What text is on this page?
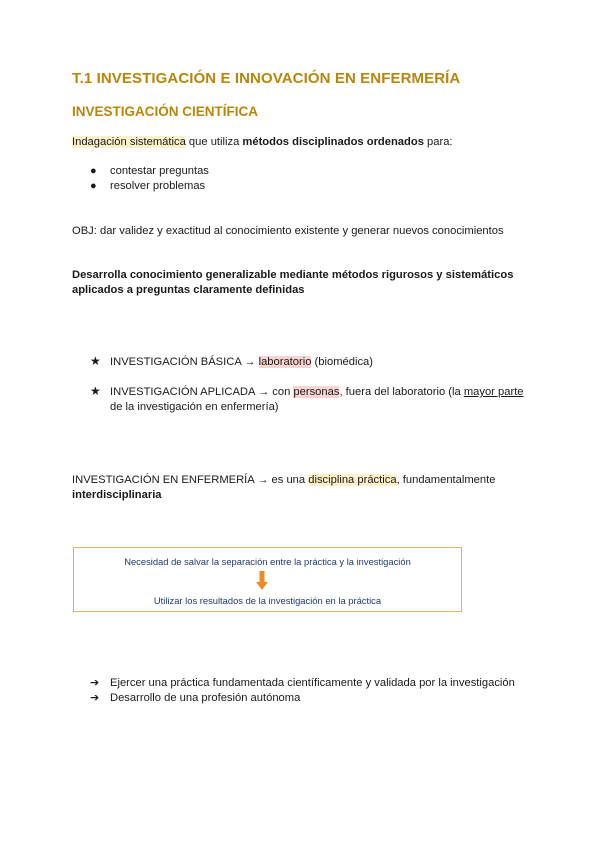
T.1 INVESTIGACIÓN E INNOVACIÓN EN ENFERMERÍA
INVESTIGACIÓN CIENTÍFICA
Indagación sistemática que utiliza métodos disciplinados ordenados para:
● contestar preguntas
● resolver problemas
OBJ: dar validez y exactitud al conocimiento existente y generar nuevos conocimientos
Desarrolla conocimiento generalizable mediante métodos rigurosos y sistemáticos
aplicados a preguntas claramente definidas
★ INVESTIGACIÓN BÁSICA → laboratorio (biomédica)
★ INVESTIGACIÓN APLICADA → con personas, fuera del laboratorio (la mayor parte
de la investigación en enfermería)
INVESTIGACIÓN EN ENFERMERÍA → es una disciplina práctica, fundamentalmente
interdisciplinaria
Necesidad de salvar la separación entre la práctica y la investigación
Utilizar los resultados de la investigación en la práctica
➔ Ejercer una práctica fundamentada científicamente y validada por la investigación
➔ Desarrollo de una profesión autónoma
